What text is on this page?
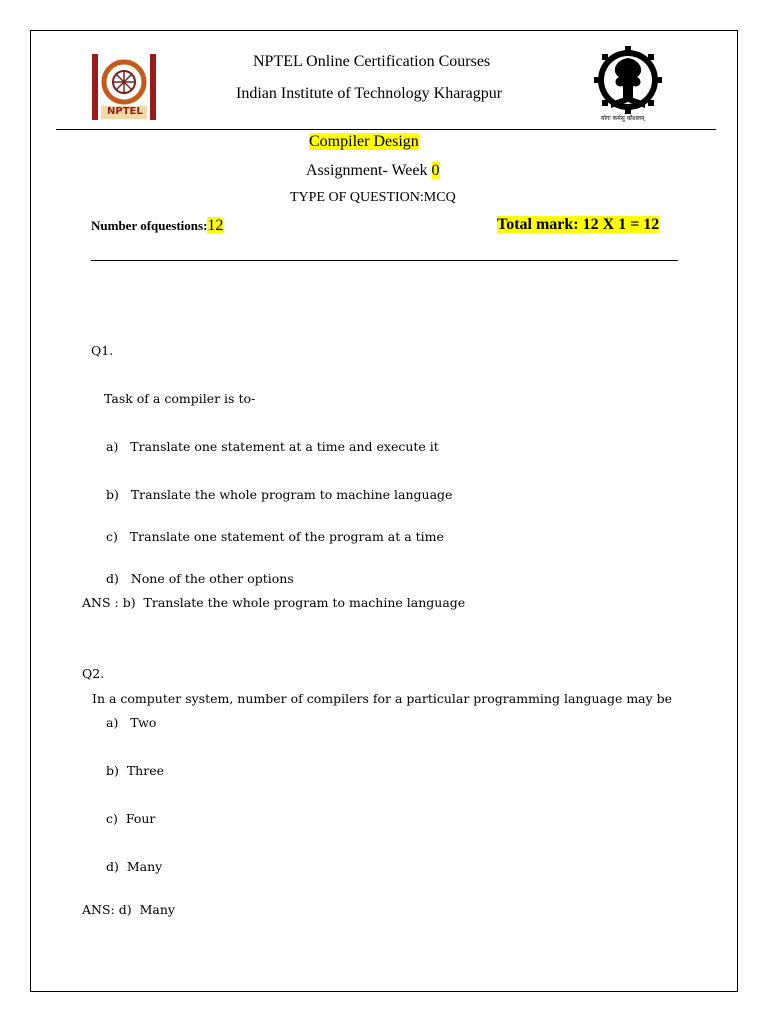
NPTEL
NPTEL Online Certification Courses
Indian Institute of Technology Kharagpur
योगः कर्मसु कौशलम्
Compiler Design
Assignment- Week 0
TYPE OF QUESTION:MCQ
Number ofquestions:12	Total mark: 12 X 1 = 12
Q1.
Task of a compiler is to-
a) Translate one statement at a time and execute it
b) Translate the whole program to machine language
c) Translate one statement of the program at a time
d) None of the other options
ANS : b) Translate the whole program to machine language
Q2.
In a computer system, number of compilers for a particular programming language may be
a) Two
b) Three
c) Four
d) Many
ANS: d) Many
